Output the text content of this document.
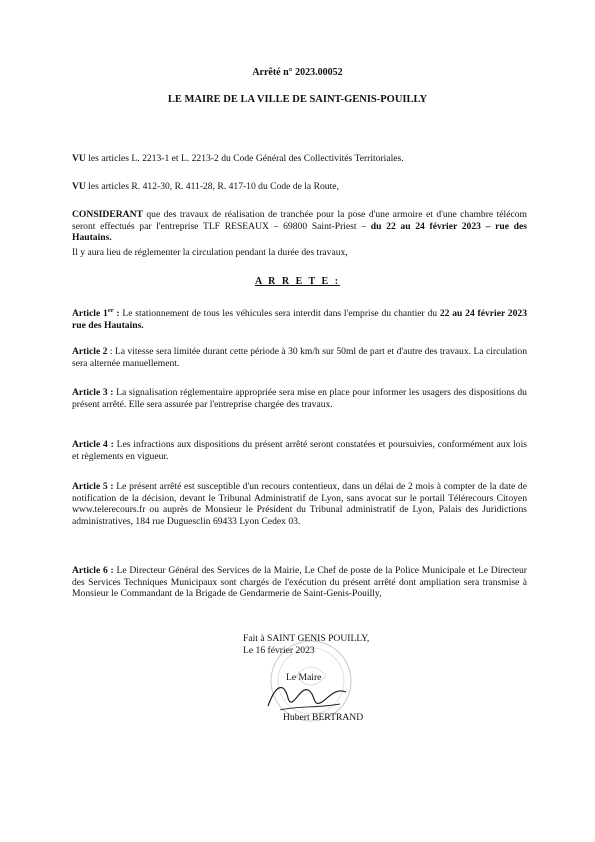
Arrêté n° 2023.00052
LE MAIRE DE LA VILLE DE SAINT-GENIS-POUILLY
VU les articles L. 2213-1 et L. 2213-2 du Code Général des Collectivités Territoriales.
VU les articles R. 412-30, R. 411-28, R. 417-10 du Code de la Route,
CONSIDERANT que des travaux de réalisation de tranchée pour la pose d'une armoire et d'une chambre télécom seront effectués par l'entreprise TLF RESEAUX – 69800 Saint-Priest – du 22 au 24 février 2023 – rue des Hautains.
Il y aura lieu de réglementer la circulation pendant la durée des travaux,
A R R E T E :
Article 1er : Le stationnement de tous les véhicules sera interdit dans l'emprise du chantier du 22 au 24 février 2023 rue des Hautains.
Article 2 : La vitesse sera limitée durant cette période à 30 km/h sur 50ml de part et d'autre des travaux. La circulation sera alternée manuellement.
Article 3 : La signalisation réglementaire appropriée sera mise en place pour informer les usagers des dispositions du présent arrêté. Elle sera assurée par l'entreprise chargée des travaux.
Article 4 : Les infractions aux dispositions du présent arrêté seront constatées et poursuivies, conformément aux lois et règlements en vigueur.
Article 5 : Le présent arrêté est susceptible d'un recours contentieux, dans un délai de 2 mois à compter de la date de notification de la décision, devant le Tribunal Administratif de Lyon, sans avocat sur le portail Télérecours Citoyen www.telerecours.fr ou auprès de Monsieur le Président du Tribunal administratif de Lyon, Palais des Juridictions administratives, 184 rue Duguesclin 69433 Lyon Cedex 03.
Article 6 : Le Directeur Général des Services de la Mairie, Le Chef de poste de la Police Municipale et Le Directeur des Services Techniques Municipaux sont chargés de l'exécution du présent arrêté dont ampliation sera transmise à Monsieur le Commandant de la Brigade de Gendarmerie de Saint-Genis-Pouilly,
Fait à SAINT GENIS POUILLY,
Le 16 février 2023
Le Maire
Hubert BERTRAND
